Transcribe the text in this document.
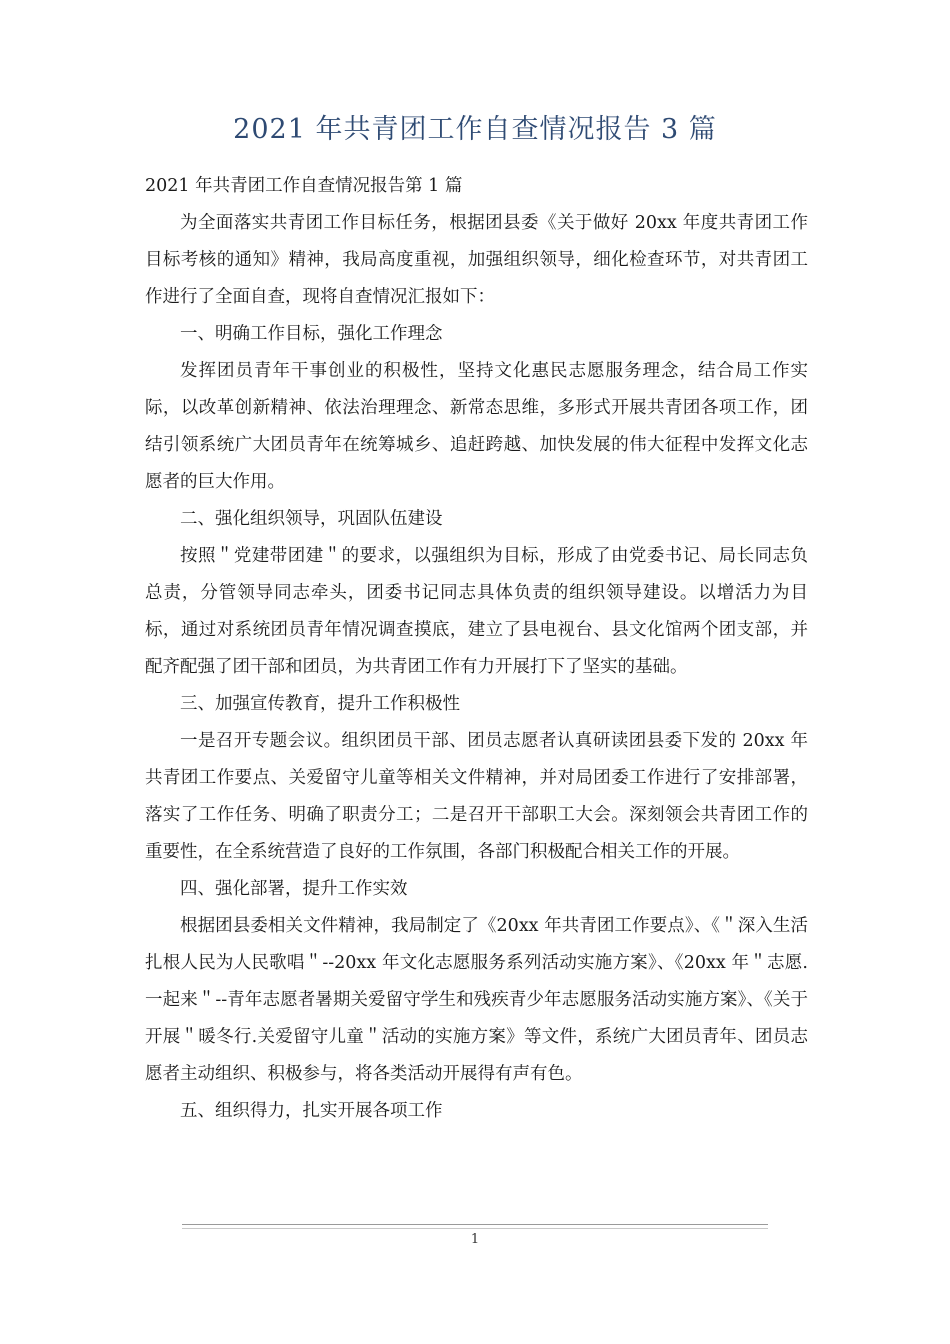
2021 年共青团工作自查情况报告 3 篇

2021 年共青团工作自查情况报告第 1 篇

为全面落实共青团工作目标任务，根据团县委《关于做好 20xx 年度共青团工作目标考核的通知》精神，我局高度重视，加强组织领导，细化检查环节，对共青团工作进行了全面自查，现将自查情况汇报如下：

一、明确工作目标，强化工作理念

发挥团员青年干事创业的积极性，坚持文化惠民志愿服务理念，结合局工作实际，以改革创新精神、依法治理理念、新常态思维，多形式开展共青团各项工作，团结引领系统广大团员青年在统筹城乡、追赶跨越、加快发展的伟大征程中发挥文化志愿者的巨大作用。

二、强化组织领导，巩固队伍建设

按照＂党建带团建＂的要求，以强组织为目标，形成了由党委书记、局长同志负总责，分管领导同志牵头，团委书记同志具体负责的组织领导建设。以增活力为目标，通过对系统团员青年情况调查摸底，建立了县电视台、县文化馆两个团支部，并配齐配强了团干部和团员，为共青团工作有力开展打下了坚实的基础。

三、加强宣传教育，提升工作积极性

一是召开专题会议。组织团员干部、团员志愿者认真研读团县委下发的 20xx 年共青团工作要点、关爱留守儿童等相关文件精神，并对局团委工作进行了安排部署，落实了工作任务、明确了职责分工；二是召开干部职工大会。深刻领会共青团工作的重要性，在全系统营造了良好的工作氛围，各部门积极配合相关工作的开展。

四、强化部署，提升工作实效

根据团县委相关文件精神，我局制定了《20xx 年共青团工作要点》、《＂深入生活扎根人民为人民歌唱＂--20xx 年文化志愿服务系列活动实施方案》、《20xx 年＂志愿.一起来＂--青年志愿者暑期关爱留守学生和残疾青少年志愿服务活动实施方案》、《关于开展＂暖冬行.关爱留守儿童＂活动的实施方案》等文件，系统广大团员青年、团员志愿者主动组织、积极参与，将各类活动开展得有声有色。

五、组织得力，扎实开展各项工作

1
